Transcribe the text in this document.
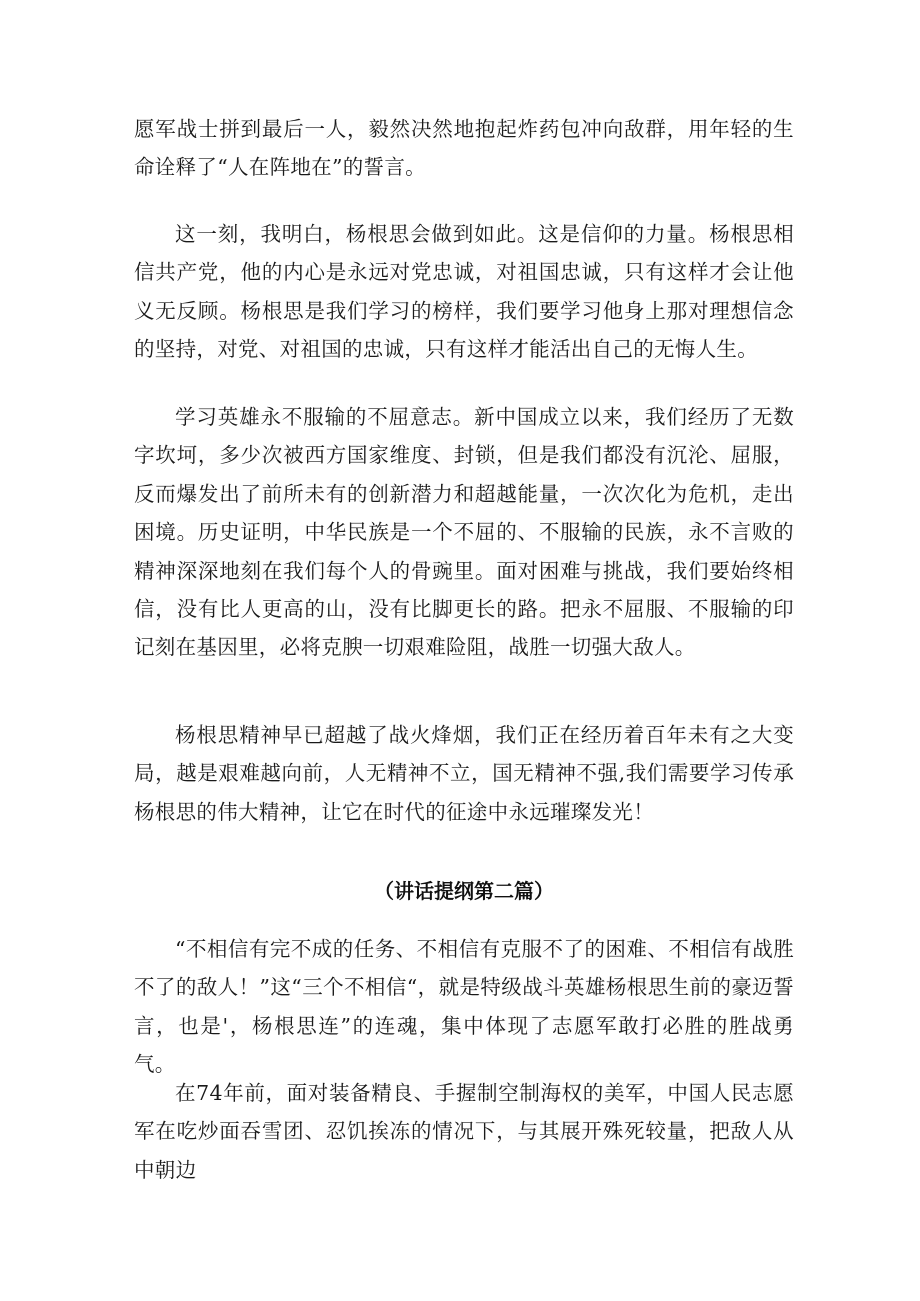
愿军战士拼到最后一人，毅然决然地抱起炸药包冲向敌群，用年轻的生命诠释了“人在阵地在”的誓言。

这一刻，我明白，杨根思会做到如此。这是信仰的力量。杨根思相信共产党，他的内心是永远对党忠诚，对祖国忠诚，只有这样才会让他义无反顾。杨根思是我们学习的榜样，我们要学习他身上那对理想信念的坚持，对党、对祖国的忠诚，只有这样才能活出自己的无悔人生。

学习英雄永不服输的不屈意志。新中国成立以来，我们经历了无数字坎坷，多少次被西方国家维度、封锁，但是我们都没有沉沦、屈服，反而爆发出了前所未有的创新潜力和超越能量，一次次化为危机，走出困境。历史证明，中华民族是一个不屈的、不服输的民族，永不言败的精神深深地刻在我们每个人的骨豌里。面对困难与挑战，我们要始终相信，没有比人更高的山，没有比脚更长的路。把永不屈服、不服输的印记刻在基因里，必将克腴一切艰难险阻，战胜一切强大敌人。

杨根思精神早已超越了战火烽烟，我们正在经历着百年未有之大变局，越是艰难越向前，人无精神不立，国无精神不强,我们需要学习传承杨根思的伟大精神，让它在时代的征途中永远璀璨发光！

（讲话提纲第二篇）

“不相信有完不成的任务、不相信有克服不了的困难、不相信有战胜不了的敌人！”这“三个不相信“，就是特级战斗英雄杨根思生前的豪迈誓言，也是'，杨根思连”的连魂，集中体现了志愿军敢打必胜的胜战勇气。

在74年前，面对装备精良、手握制空制海权的美军，中国人民志愿军在吃炒面吞雪团、忍饥挨冻的情况下，与其展开殊死较量，把敌人从中朝边
